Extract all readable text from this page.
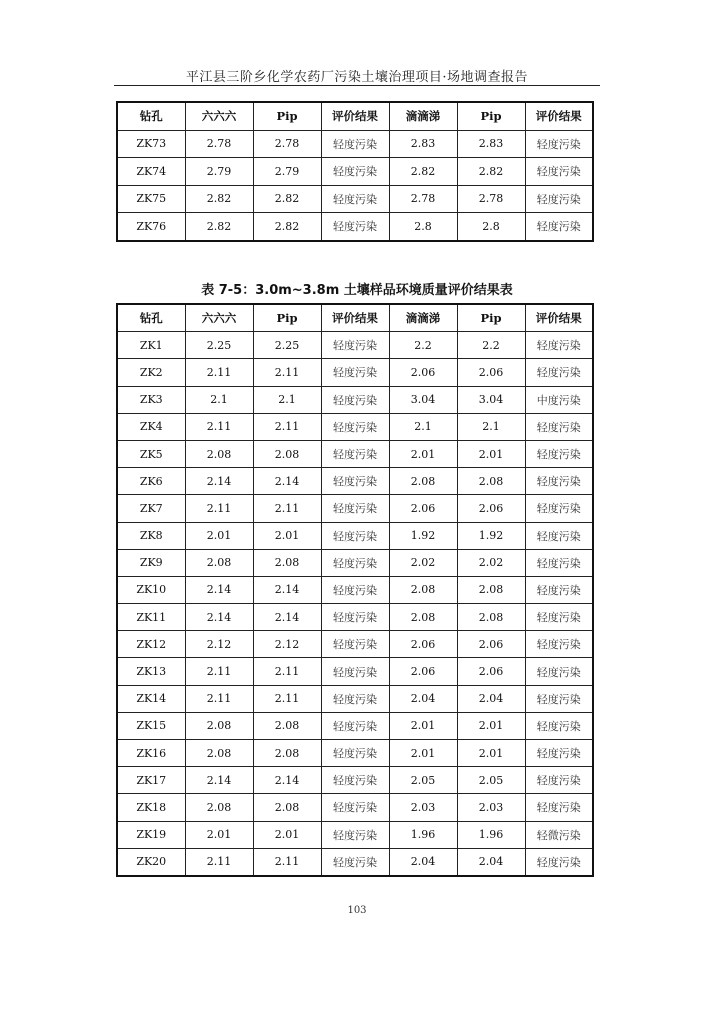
平江县三阶乡化学农药厂污染土壤治理项目·场地调查报告
钻孔	六六六	Pip	评价结果	滴滴涕	Pip	评价结果
ZK73	2.78	2.78	轻度污染	2.83	2.83	轻度污染
ZK74	2.79	2.79	轻度污染	2.82	2.82	轻度污染
ZK75	2.82	2.82	轻度污染	2.78	2.78	轻度污染
ZK76	2.82	2.82	轻度污染	2.8	2.8	轻度污染
表 7-5：3.0m~3.8m 土壤样品环境质量评价结果表
钻孔	六六六	Pip	评价结果	滴滴涕	Pip	评价结果
ZK1	2.25	2.25	轻度污染	2.2	2.2	轻度污染
ZK2	2.11	2.11	轻度污染	2.06	2.06	轻度污染
ZK3	2.1	2.1	轻度污染	3.04	3.04	中度污染
ZK4	2.11	2.11	轻度污染	2.1	2.1	轻度污染
ZK5	2.08	2.08	轻度污染	2.01	2.01	轻度污染
ZK6	2.14	2.14	轻度污染	2.08	2.08	轻度污染
ZK7	2.11	2.11	轻度污染	2.06	2.06	轻度污染
ZK8	2.01	2.01	轻度污染	1.92	1.92	轻度污染
ZK9	2.08	2.08	轻度污染	2.02	2.02	轻度污染
ZK10	2.14	2.14	轻度污染	2.08	2.08	轻度污染
ZK11	2.14	2.14	轻度污染	2.08	2.08	轻度污染
ZK12	2.12	2.12	轻度污染	2.06	2.06	轻度污染
ZK13	2.11	2.11	轻度污染	2.06	2.06	轻度污染
ZK14	2.11	2.11	轻度污染	2.04	2.04	轻度污染
ZK15	2.08	2.08	轻度污染	2.01	2.01	轻度污染
ZK16	2.08	2.08	轻度污染	2.01	2.01	轻度污染
ZK17	2.14	2.14	轻度污染	2.05	2.05	轻度污染
ZK18	2.08	2.08	轻度污染	2.03	2.03	轻度污染
ZK19	2.01	2.01	轻度污染	1.96	1.96	轻微污染
ZK20	2.11	2.11	轻度污染	2.04	2.04	轻度污染
103
